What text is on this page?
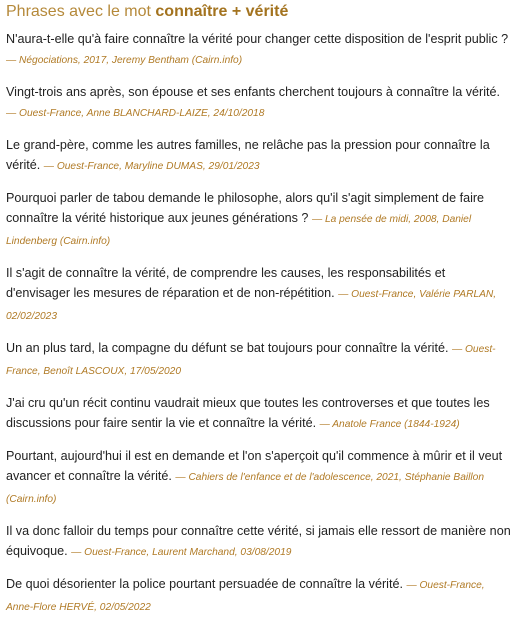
Phrases avec le mot connaître + vérité
N'aura-t-elle qu'à faire connaître la vérité pour changer cette disposition de l'esprit public ? — Négociations, 2017, Jeremy Bentham (Cairn.info)
Vingt-trois ans après, son épouse et ses enfants cherchent toujours à connaître la vérité. — Ouest-France, Anne BLANCHARD-LAIZE, 24/10/2018
Le grand-père, comme les autres familles, ne relâche pas la pression pour connaître la vérité. — Ouest-France, Maryline DUMAS, 29/01/2023
Pourquoi parler de tabou demande le philosophe, alors qu'il s'agit simplement de faire connaître la vérité historique aux jeunes générations ? — La pensée de midi, 2008, Daniel Lindenberg (Cairn.info)
Il s'agit de connaître la vérité, de comprendre les causes, les responsabilités et d'envisager les mesures de réparation et de non-répétition. — Ouest-France, Valérie PARLAN, 02/02/2023
Un an plus tard, la compagne du défunt se bat toujours pour connaître la vérité. — Ouest-France, Benoît LASCOUX, 17/05/2020
J'ai cru qu'un récit continu vaudrait mieux que toutes les controverses et que toutes les discussions pour faire sentir la vie et connaître la vérité. — Anatole France (1844-1924)
Pourtant, aujourd'hui il est en demande et l'on s'aperçoit qu'il commence à mûrir et il veut avancer et connaître la vérité. — Cahiers de l'enfance et de l'adolescence, 2021, Stéphanie Baillon (Cairn.info)
Il va donc falloir du temps pour connaître cette vérité, si jamais elle ressort de manière non équivoque. — Ouest-France, Laurent Marchand, 03/08/2019
De quoi désorienter la police pourtant persuadée de connaître la vérité. — Ouest-France, Anne-Flore HERVÉ, 02/05/2022
